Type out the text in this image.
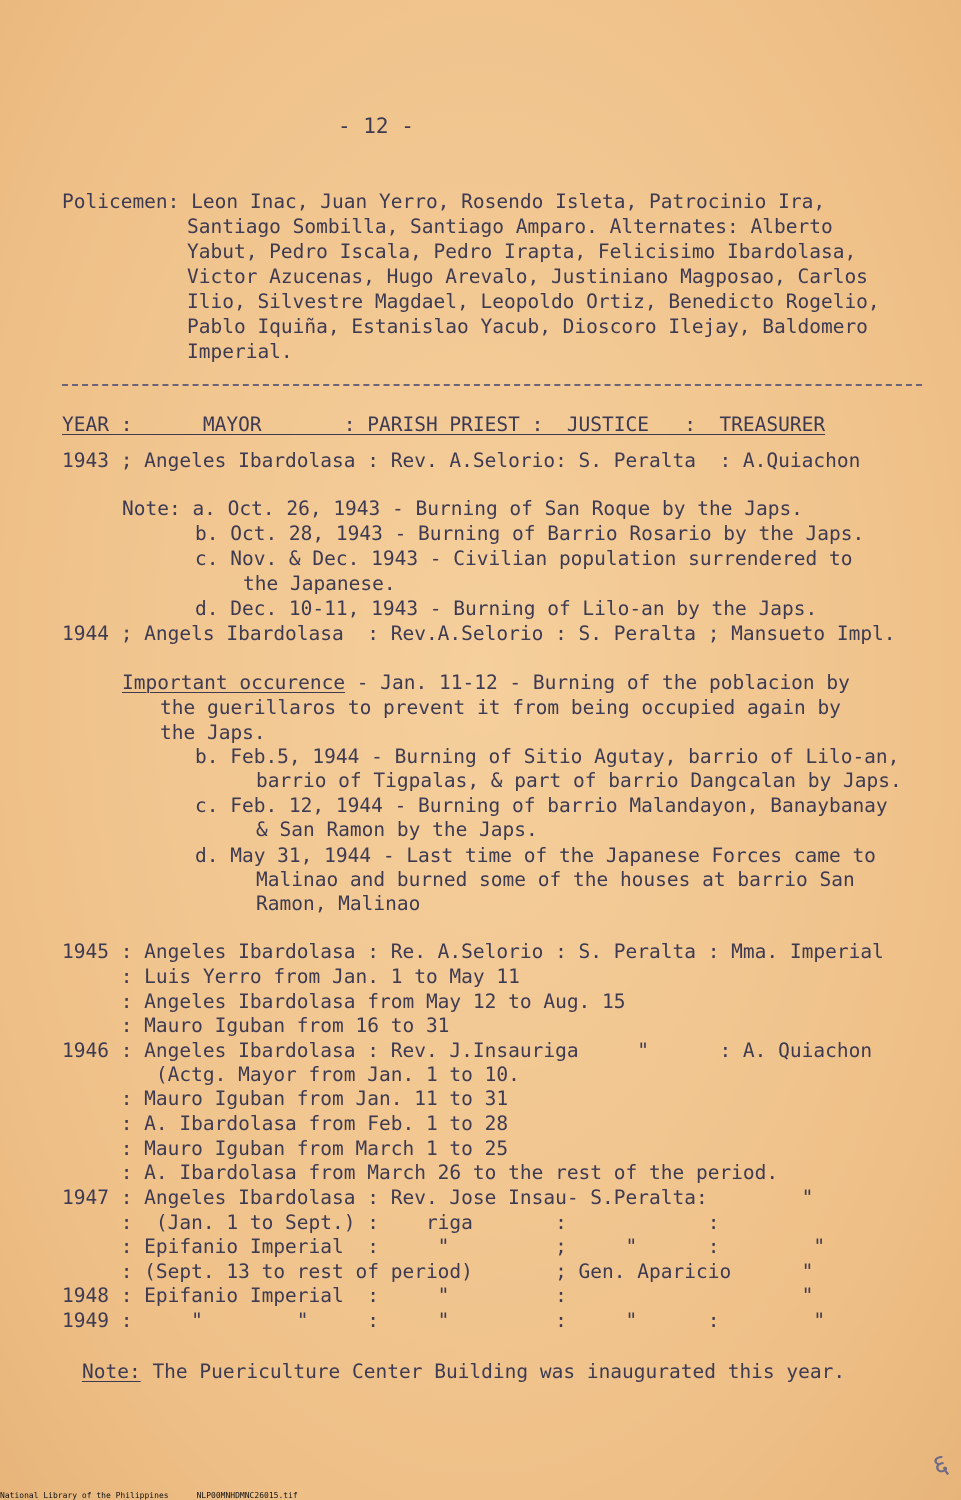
- 12 -
Policemen: Leon Inac, Juan Yerro, Rosendo Isleta, Patrocinio Ira,
Santiago Sombilla, Santiago Amparo. Alternates: Alberto
Yabut, Pedro Iscala, Pedro Irapta, Felicisimo Ibardolasa,
Victor Azucenas, Hugo Arevalo, Justiniano Magposao, Carlos
Ilio, Silvestre Magdael, Leopoldo Ortiz, Benedicto Rogelio,
Pablo Iquiña, Estanislao Yacub, Dioscoro Ilejay, Baldomero
Imperial.
YEAR :      MAYOR       : PARISH PRIEST :  JUSTICE   :  TREASURER
1943 ; Angeles Ibardolasa : Rev. A.Selorio: S. Peralta  : A.Quiachon
Note: a. Oct. 26, 1943 - Burning of San Roque by the Japs.
b. Oct. 28, 1943 - Burning of Barrio Rosario by the Japs.
c. Nov. & Dec. 1943 - Civilian population surrendered to
the Japanese.
d. Dec. 10-11, 1943 - Burning of Lilo-an by the Japs.
1944 ; Angels Ibardolasa  : Rev.A.Selorio : S. Peralta ; Mansueto Impl.
Important occurence - Jan. 11-12 - Burning of the poblacion by
the guerillaros to prevent it from being occupied again by
the Japs.
b. Feb.5, 1944 - Burning of Sitio Agutay, barrio of Lilo-an,
barrio of Tigpalas, & part of barrio Dangcalan by Japs.
c. Feb. 12, 1944 - Burning of barrio Malandayon, Banaybanay
& San Ramon by the Japs.
d. May 31, 1944 - Last time of the Japanese Forces came to
Malinao and burned some of the houses at barrio San
Ramon, Malinao
1945 : Angeles Ibardolasa : Re. A.Selorio : S. Peralta : Mma. Imperial
: Luis Yerro from Jan. 1 to May 11
: Angeles Ibardolasa from May 12 to Aug. 15
: Mauro Iguban from 16 to 31
1946 : Angeles Ibardolasa : Rev. J.Insauriga     "      : A. Quiachon
(Actg. Mayor from Jan. 1 to 10.
: Mauro Iguban from Jan. 11 to 31
: A. Ibardolasa from Feb. 1 to 28
: Mauro Iguban from March 1 to 25
: A. Ibardolasa from March 26 to the rest of the period.
1947 : Angeles Ibardolasa : Rev. Jose Insau- S.Peralta:        "
:  (Jan. 1 to Sept.) :    riga       :            :
: Epifanio Imperial  :     "         ;     "      :        "
: (Sept. 13 to rest of period)       ; Gen. Aparicio      "
1948 : Epifanio Imperial  :     "         :                    "
1949 :     "        "     :     "         :     "      :        "
Note: The Puericulture Center Building was inaugurated this year.
६
National Library of the Philippines	NLP00MNHDMNC26015.tif
